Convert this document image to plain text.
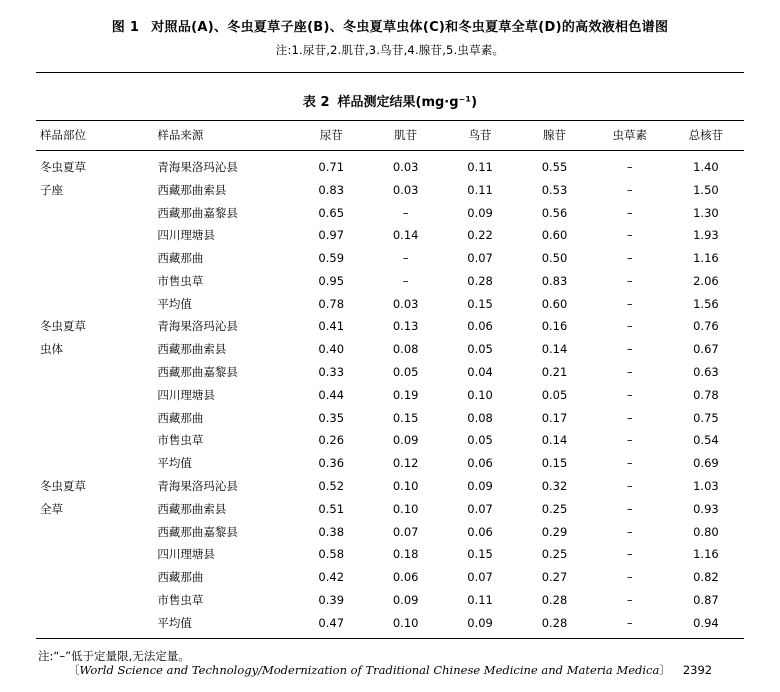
图 1 对照品(A)、冬虫夏草子座(B)、冬虫夏草虫体(C)和冬虫夏草全草(D)的高效液相色谱图
注:1.尿苷,2.肌苷,3.鸟苷,4.腺苷,5.虫草素。
表 2 样品测定结果(mg·g⁻¹)
样品部位	样品来源	尿苷	肌苷	鸟苷	腺苷	虫草素	总核苷
冬虫夏草	青海果洛玛沁县	0.71	0.03	0.11	0.55	–	1.40
子座	西藏那曲索县	0.83	0.03	0.11	0.53	–	1.50
	西藏那曲嘉黎县	0.65	–	0.09	0.56	–	1.30
	四川理塘县	0.97	0.14	0.22	0.60	–	1.93
	西藏那曲	0.59	–	0.07	0.50	–	1.16
	市售虫草	0.95	–	0.28	0.83	–	2.06
	平均值	0.78	0.03	0.15	0.60	–	1.56
冬虫夏草	青海果洛玛沁县	0.41	0.13	0.06	0.16	–	0.76
虫体	西藏那曲索县	0.40	0.08	0.05	0.14	–	0.67
	西藏那曲嘉黎县	0.33	0.05	0.04	0.21	–	0.63
	四川理塘县	0.44	0.19	0.10	0.05	–	0.78
	西藏那曲	0.35	0.15	0.08	0.17	–	0.75
	市售虫草	0.26	0.09	0.05	0.14	–	0.54
	平均值	0.36	0.12	0.06	0.15	–	0.69
冬虫夏草	青海果洛玛沁县	0.52	0.10	0.09	0.32	–	1.03
全草	西藏那曲索县	0.51	0.10	0.07	0.25	–	0.93
	西藏那曲嘉黎县	0.38	0.07	0.06	0.29	–	0.80
	四川理塘县	0.58	0.18	0.15	0.25	–	1.16
	西藏那曲	0.42	0.06	0.07	0.27	–	0.82
	市售虫草	0.39	0.09	0.11	0.28	–	0.87
	平均值	0.47	0.10	0.09	0.28	–	0.94
注:“–”低于定量限,无法定量。
〔World Science and Technology/Modernization of Traditional Chinese Medicine and Materia Medica〕 2392
